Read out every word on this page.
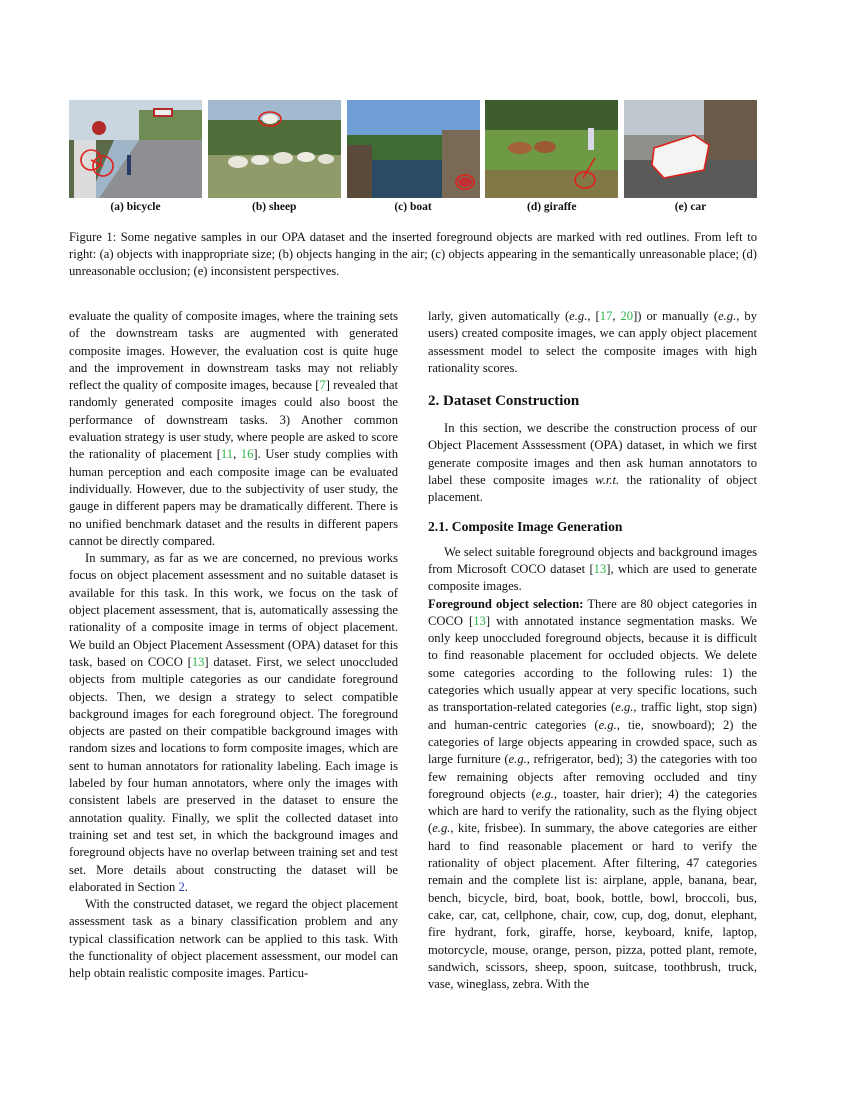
(a) bicycle	(b) sheep	(c) boat	(d) giraffe	(e) car
Figure 1: Some negative samples in our OPA dataset and the inserted foreground objects are marked with red outlines. From left to right: (a) objects with inappropriate size; (b) objects hanging in the air; (c) objects appearing in the semantically unreasonable place; (d) unreasonable occlusion; (e) inconsistent perspectives.

evaluate the quality of composite images, where the training sets of the downstream tasks are augmented with generated composite images. However, the evaluation cost is quite huge and the improvement in downstream tasks may not reliably reflect the quality of composite images, because [7] revealed that randomly generated composite images could also boost the performance of downstream tasks. 3) Another common evaluation strategy is user study, where people are asked to score the rationality of placement [11, 16]. User study complies with human perception and each composite image can be evaluated individually. However, due to the subjectivity of user study, the gauge in different papers may be dramatically different. There is no unified benchmark dataset and the results in different papers cannot be directly compared.

In summary, as far as we are concerned, no previous works focus on object placement assessment and no suitable dataset is available for this task. In this work, we focus on the task of object placement assessment, that is, automatically assessing the rationality of a composite image in terms of object placement. We build an Object Placement Assessment (OPA) dataset for this task, based on COCO [13] dataset. First, we select unoccluded objects from multiple categories as our candidate foreground objects. Then, we design a strategy to select compatible background images for each foreground object. The foreground objects are pasted on their compatible background images with random sizes and locations to form composite images, which are sent to human annotators for rationality labeling. Each image is labeled by four human annotators, where only the images with consistent labels are preserved in the dataset to ensure the annotation quality. Finally, we split the collected dataset into training set and test set, in which the background images and foreground objects have no overlap between training set and test set. More details about constructing the dataset will be elaborated in Section 2.

With the constructed dataset, we regard the object placement assessment task as a binary classification problem and any typical classification network can be applied to this task. With the functionality of object placement assessment, our model can help obtain realistic composite images. Particu-

larly, given automatically (e.g., [17, 20]) or manually (e.g., by users) created composite images, we can apply object placement assessment model to select the composite images with high rationality scores.

2. Dataset Construction

In this section, we describe the construction process of our Object Placement Asssessment (OPA) dataset, in which we first generate composite images and then ask human annotators to label these composite images w.r.t. the rationality of object placement.

2.1. Composite Image Generation

We select suitable foreground objects and background images from Microsoft COCO dataset [13], which are used to generate composite images.

Foreground object selection: There are 80 object categories in COCO [13] with annotated instance segmentation masks. We only keep unoccluded foreground objects, because it is difficult to find reasonable placement for occluded objects. We delete some categories according to the following rules: 1) the categories which usually appear at very specific locations, such as transportation-related categories (e.g., traffic light, stop sign) and human-centric categories (e.g., tie, snowboard); 2) the categories of large objects appearing in crowded space, such as large furniture (e.g., refrigerator, bed); 3) the categories with too few remaining objects after removing occluded and tiny foreground objects (e.g., toaster, hair drier); 4) the categories which are hard to verify the rationality, such as the flying object (e.g., kite, frisbee). In summary, the above categories are either hard to find reasonable placement or hard to verify the rationality of object placement. After filtering, 47 categories remain and the complete list is: airplane, apple, banana, bear, bench, bicycle, bird, boat, book, bottle, bowl, broccoli, bus, cake, car, cat, cellphone, chair, cow, cup, dog, donut, elephant, fire hydrant, fork, giraffe, horse, keyboard, knife, laptop, motorcycle, mouse, orange, person, pizza, potted plant, remote, sandwich, scissors, sheep, spoon, suitcase, toothbrush, truck, vase, wineglass, zebra. With the
